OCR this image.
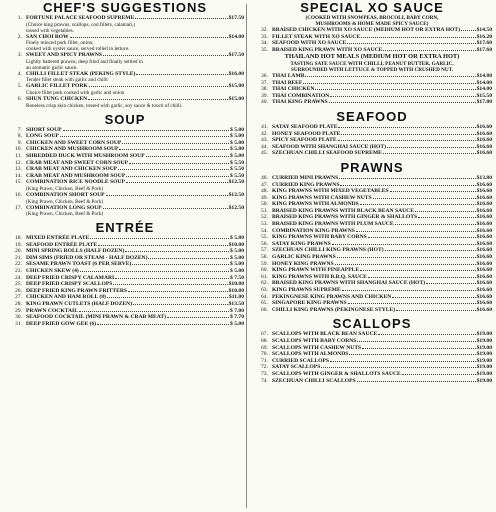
CHEF'S SUGGESTIONS
1. FORTUNE PALACE SEAFOOD SUPREME	$17.50
(Choice king prawns, scallops, cod fillets, calamari,)
tossed with vegetables.
2. SAN CHOI BOW	$14.00
Finely minced pork fillet, onion,
cooked with oyster sauce, served rolled in lettuce.
3. SWEET AND SPICY PRAWNS	$17.50
Lightly battered prawns, deep fried and finally settled in
an aromatic garlic sauce.
4. CHILLI FILLET STEAK (PEKING STYLE)	$16.00
Tender fillet steak with garlic and chilli
5. GARLIC FILLET PORK	$15.00
Choice fillet pork cooked with garlic and onion
6. SHUN TUNG CHICKEN	$15.00
Boneless crisp skin chicken, tossed with garlic, soy sauce & touch of chilli.
SOUP
7. SHORT SOUP	$ 5.00
8. LONG SOUP	$ 5.00
9. CHICKEN AND SWEET CORN SOUP	$ 5.00
10. CHICKEN AND MUSHROOM SOUP	$ 5.00
11. SHREDDED DUCK WITH MUSHROOM SOUP	$ 5.00
12. CRAB MEAT AND SWEET CORN SOUP	$ 5.50
13. CRAB MEAT AND CHICKEN SOUP	$ 5.50
14. CRAB MEAT AND MUSHROOM SOUP	$ 5.50
15. COMBINATION RICE NOODLE SOUP	$12.50
(King Prawn, Chicken, Beef & Pork)
16. COMBINATION SHORT SOUP	$12.50
(King Prawn, Chicken, Beef & Pork)
17. COMBINATION LONG SOUP	$12.50
(King Prawn, Chicken, Beef & Pork)
ENTRÉE
18. MIXED ENTRÉE PLATE	$ 5.80
19. SEAFOOD ENTRÉE PLATE	$10.00
20. MINI SPRING ROLLS (HALF DOZEN)	$ 5.00
21. DIM SIMS (FRIED OR STEAM - HALF DOZEN)	$ 5.00
22. SESAME PRAWN TOAST (6 PER SERVE)	$ 5.00
23. CHICKEN SKEW (4)	$ 5.00
24. DEEP FRIED CRISPY CALAMARI	$ 7.50
25. DEEP FRIED CRISPY SCALLOPS	$10.80
26. DEEP FRIED KING PRAWN FRITTERS	$10.80
27. CHICKEN AND HAM ROLL (8)	$11.00
28. KING PRAWN CUTLETS (HALF DOZEN)	$13.50
29. PRAWN COCKTAIL	$ 7.00
30. SEAFOOD COCKTAIL (MINI PRAWN & CRAB MEAT)	$ 7.70
31. DEEP FRIED GOW GEE (6)	$ 5.00
SPECIAL XO SAUCE
(COOKED WITH SNOWPEAS, BROCOLI, BABY CORN,
MUSHROOMS & HOME MADE SPICY SAUCE)
32. BRAISED CHICKEN WITH XO SAUCE (MEDIUM HOT OR EXTRA HOT)	$14.50
33. FILLET STEAK WITH XO SAUCE	$16.20
34. SEAFOOD WITH XO SAUCE	$17.60
35. BRAISED KING PRAWN WITH XO SAUCE	$17.60
THAILAND HOT MEALS (MEDIUM HOT OR EXTRA HOT)
TASTING SATE SAUCE WITH CHILLI, PEANUT BUTTER, GARLIC,
SURROUNDED WITH LETTUCE & TOPPED WITH CRUSHED NUT.
36. THAI LAMB	$14.80
37. THAI BEEF	$14.00
38. THAI CHICKEN	$14.00
39. THAI COMBINATION	$15.50
40. THAI KING PRAWNS	$17.00
SEAFOOD
41. SATAY SEAFOOD PLATE	$16.60
42. HONEY SEAFOOD PLATE	$16.60
43. SPICY SEAFOOD PLATE	$16.60
44. SEAFOOD WITH SHANGHAI SAUCE (HOT)	$16.60
45. SZECHUAN CHILLI SEAFOOD SUPREME	$16.60
PRAWNS
46. CURRIED MINI PRAWNS	$13.80
47. CURRIED KING PRAWNS	$16.60
48. KING PRAWNS WITH MIXED VEGETABLES	$16.60
49. KING PRAWNS WITH CASHEW NUTS	$16.60
50. KING PRAWNS WITH ALMONDS	$16.60
51. BRAISED KING PRAWNS WITH BLACK BEAN SAUCE	$16.60
52. BRAISED KING PRAWNS WITH GINGER & SHALLOTS	$16.60
53. BRAISED KING PRAWNS WITH PLUM SAUCE	$16.60
54. COMBINATION KING PRAWNS	$16.60
55. KING PRAWNS WITH BABY CORNS	$16.60
56. SATAY KING PRAWNS	$16.60
57. SZECHUAN CHILLI KING PRAWNS (HOT)	$16.60
58. GARLIC KING PRAWNS	$16.60
59. HONEY KING PRAWNS	$16.60
60. KING PRAWN WITH PINEAPPLE	$16.60
61. KING PRAWNS WITH B.B.Q. SAUCE	$16.60
62. BRAISED KING PRAWNS WITH SHANGHAI SAUCE (HOT)	$16.60
63. KING PRAWNS SUPREME	$16.60
64. PEKINGNESE KING PRAWNS AND CHICKEN	$16.60
65. SINGAPORE KING PRAWNS	$16.60
66. CHILLI KING PRAWNS (PEKINGNESE STYLE)	$16.60
SCALLOPS
67. SCALLOPS WITH BLACK BEAN SAUCE	$19.00
68. SCALLOPS WITH BABY CORNS	$19.00
69. SCALLOPS WITH CASHEW NUTS	$19.00
70. SCALLOPS WITH ALMONDS	$19.00
71. CURRIED SCALLOPS	$19.00
72. SATAY SCALLOPS	$19.00
73. SCALLOPS WITH GINGER & SHALLOTS SAUCE	$19.00
74. SZECHUAN CHILLI SCALLOPS	$19.00
